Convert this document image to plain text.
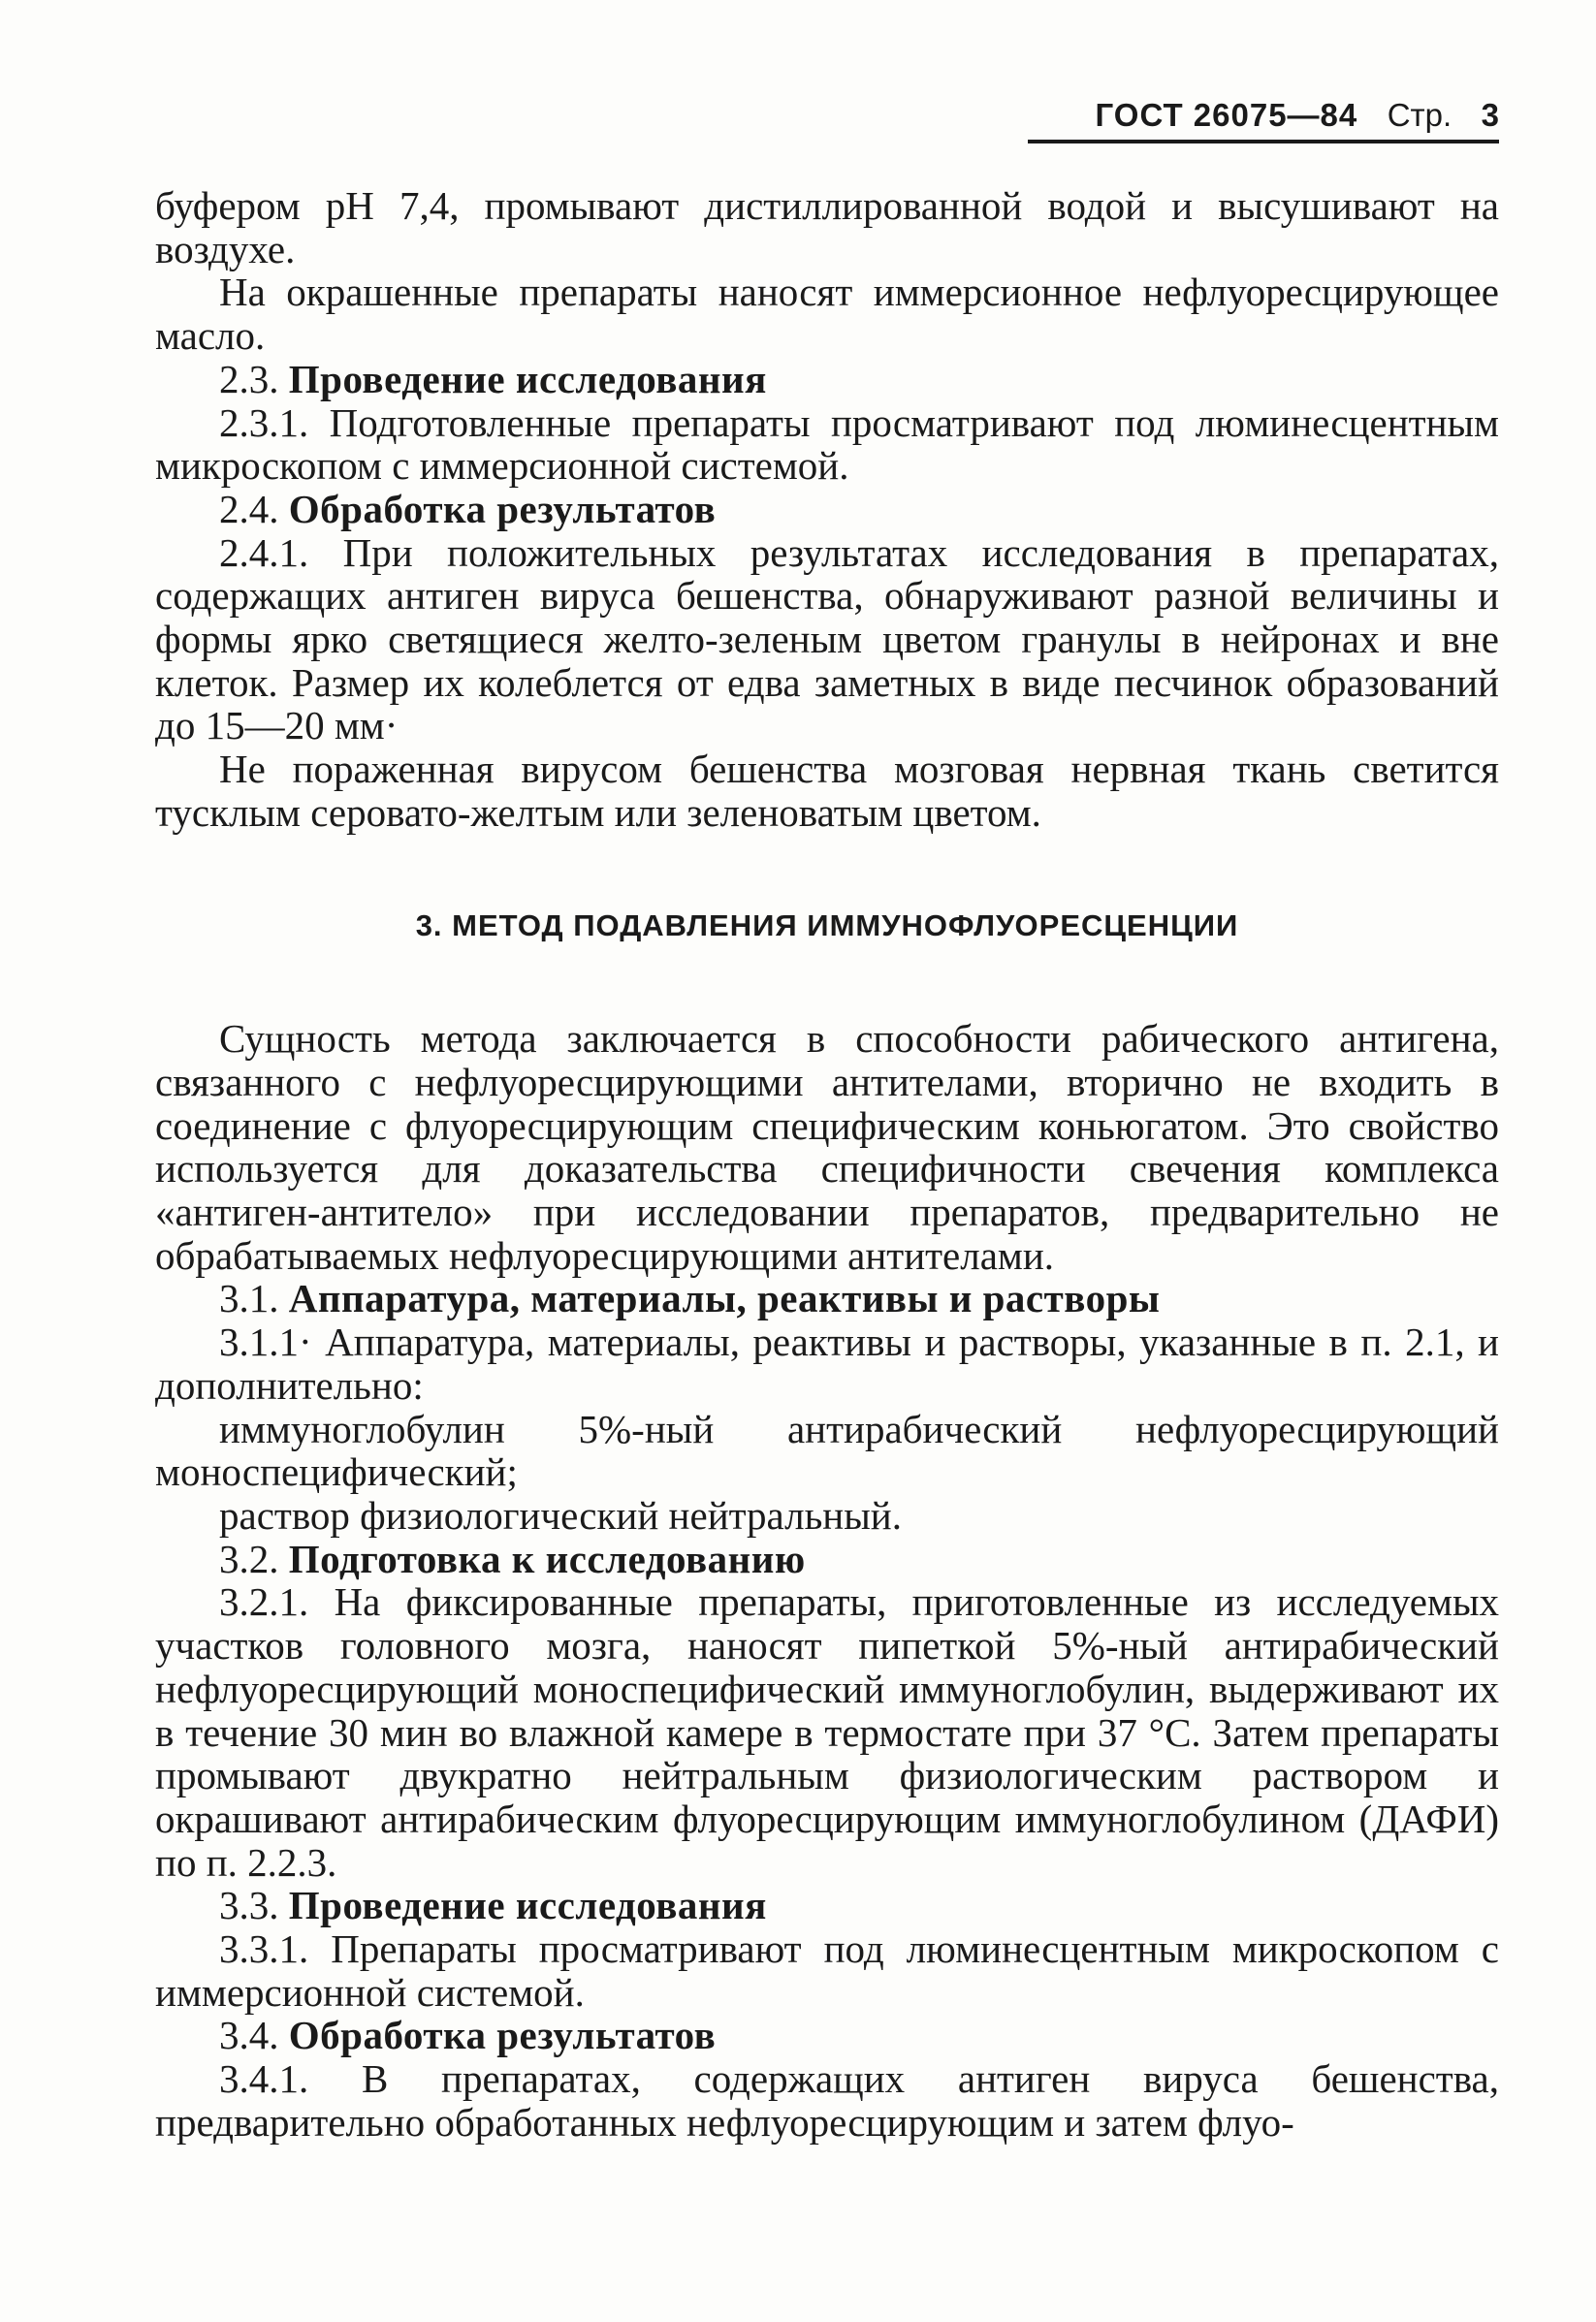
ГОСТ 26075—84 Стр. 3

буфером pH 7,4, промывают дистиллированной водой и высушивают на воздухе.

На окрашенные препараты наносят иммерсионное нефлуоресцирующее масло.

2.3. Проведение исследования

2.3.1. Подготовленные препараты просматривают под люминесцентным микроскопом с иммерсионной системой.

2.4. Обработка результатов

2.4.1. При положительных результатах исследования в препаратах, содержащих антиген вируса бешенства, обнаруживают разной величины и формы ярко светящиеся желто-зеленым цветом гранулы в нейронах и вне клеток. Размер их колеблется от едва заметных в виде песчинок образований до 15—20 мм·

Не пораженная вирусом бешенства мозговая нервная ткань светится тусклым серовато-желтым или зеленоватым цветом.

3. МЕТОД ПОДАВЛЕНИЯ ИММУНОФЛУОРЕСЦЕНЦИИ

Сущность метода заключается в способности рабического антигена, связанного с нефлуоресцирующими антителами, вторично не входить в соединение с флуоресцирующим специфическим коньюгатом. Это свойство используется для доказательства специфичности свечения комплекса «антиген-антитело» при исследовании препаратов, предварительно не обрабатываемых нефлуоресцирующими антителами.

3.1. Аппаратура, материалы, реактивы и растворы

3.1.1· Аппаратура, материалы, реактивы и растворы, указанные в п. 2.1, и дополнительно:

иммуноглобулин 5%-ный антирабический нефлуоресцирующий моноспецифический;

раствор физиологический нейтральный.

3.2. Подготовка к исследованию

3.2.1. На фиксированные препараты, приготовленные из исследуемых участков головного мозга, наносят пипеткой 5%-ный антирабический нефлуоресцирующий моноспецифический иммуноглобулин, выдерживают их в течение 30 мин во влажной камере в термостате при 37 °С. Затем препараты промывают двукратно нейтральным физиологическим раствором и окрашивают антирабическим флуоресцирующим иммуноглобулином (ДАФИ) по п. 2.2.3.

3.3. Проведение исследования

3.3.1. Препараты просматривают под люминесцентным микроскопом с иммерсионной системой.

3.4. Обработка результатов

3.4.1. В препаратах, содержащих антиген вируса бешенства, предварительно обработанных нефлуоресцирующим и затем флуо-
